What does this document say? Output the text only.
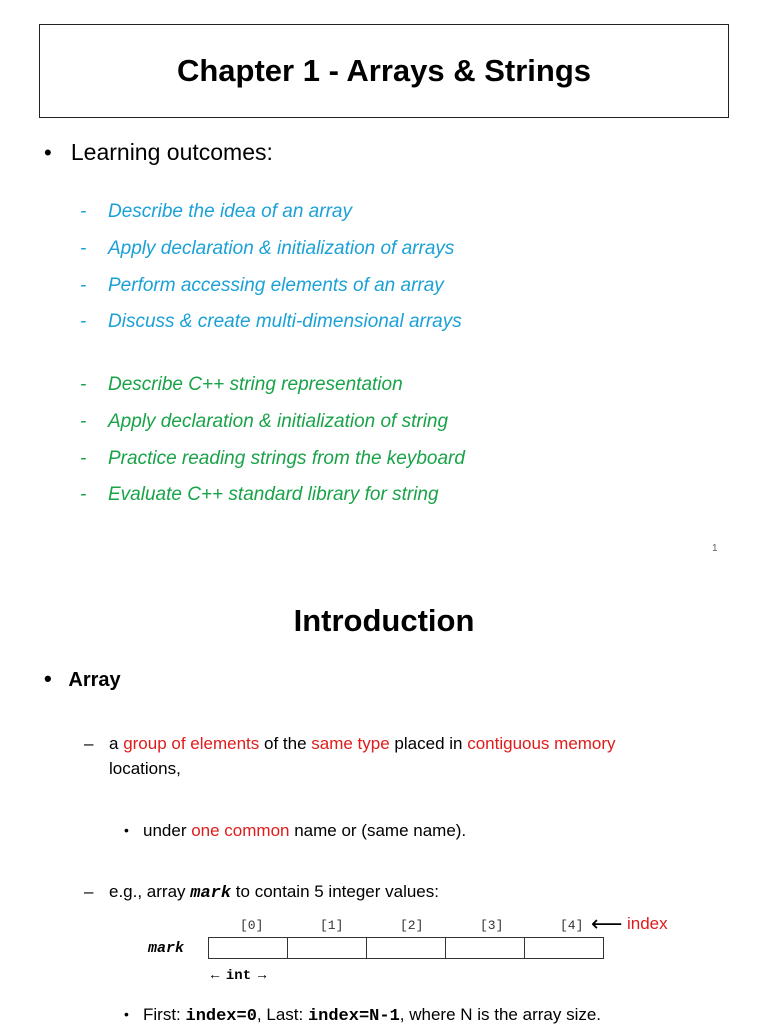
Chapter 1 - Arrays & Strings
• Learning outcomes:
- Describe the idea of an array
- Apply declaration & initialization of arrays
- Perform accessing elements of an array
- Discuss & create multi-dimensional arrays
- Describe C++ string representation
- Apply declaration & initialization of string
- Practice reading strings from the keyboard
- Evaluate C++ standard library for string
1
Introduction
• Array
– a group of elements of the same type placed in contiguous memory
locations,
• under one common name or (same name).
– e.g., array mark to contain 5 integer values:
[0]	[1]	[2]	[3]	[4] ⟵ index
mark
← int →
• First: index=0, Last: index=N-1, where N is the array size.
